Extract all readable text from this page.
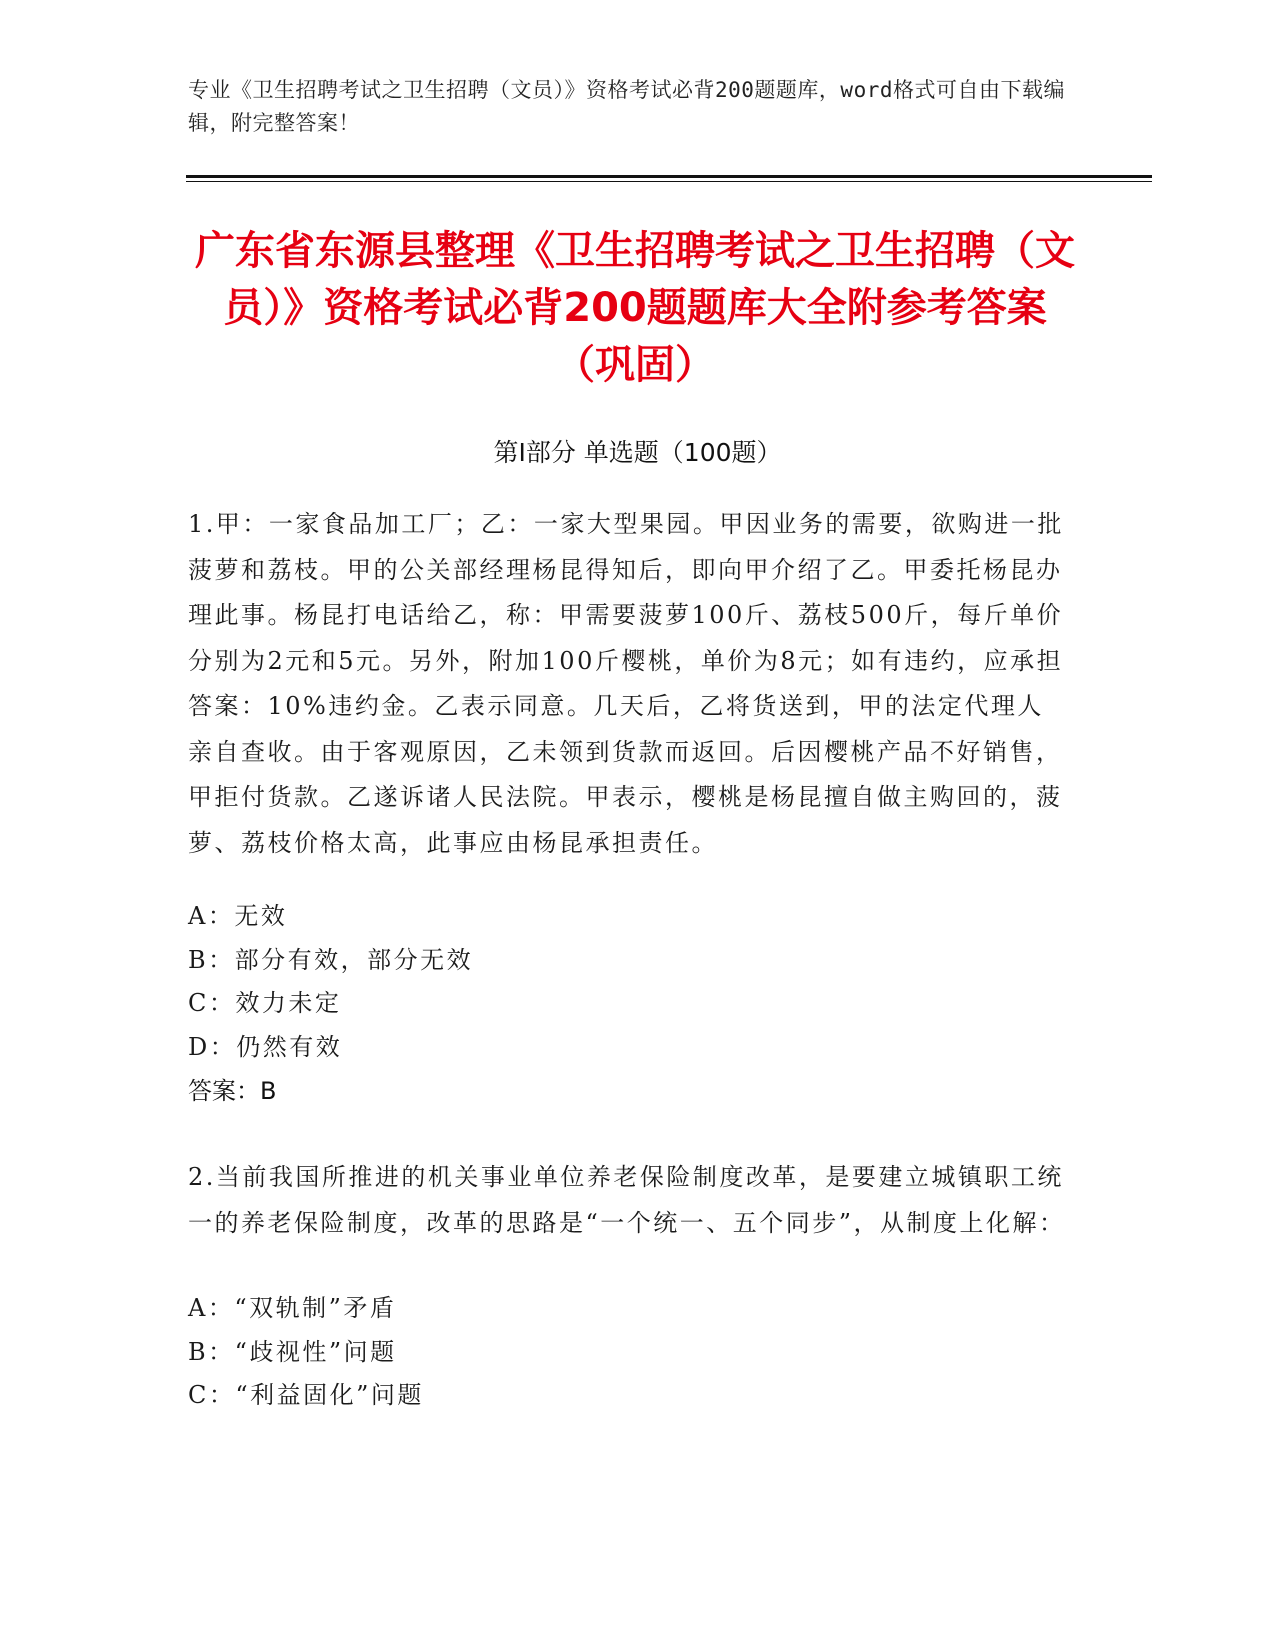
专业《卫生招聘考试之卫生招聘（文员）》资格考试必背200题题库，word格式可自由下载编辑，附完整答案！
广东省东源县整理《卫生招聘考试之卫生招聘（文员）》资格考试必背200题题库大全附参考答案（巩固）
第I部分 单选题（100题）

1.甲：一家食品加工厂；乙：一家大型果园。甲因业务的需要，欲购进一批菠萝和荔枝。甲的公关部经理杨昆得知后，即向甲介绍了乙。甲委托杨昆办理此事。杨昆打电话给乙，称：甲需要菠萝100斤、荔枝500斤，每斤单价分别为2元和5元。另外，附加100斤樱桃，单价为8元；如有违约，应承担答案：10%违约金。乙表示同意。几天后，乙将货送到，甲的法定代理人亲自查收。由于客观原因，乙未领到货款而返回。后因樱桃产品不好销售，甲拒付货款。乙遂诉诸人民法院。甲表示，樱桃是杨昆擅自做主购回的，菠萝、荔枝价格太高，此事应由杨昆承担责任。

A：无效

B：部分有效，部分无效

C：效力未定

D：仍然有效

答案：B

2.当前我国所推进的机关事业单位养老保险制度改革，是要建立城镇职工统一的养老保险制度，改革的思路是“一个统一、五个同步”，从制度上化解：

A：“双轨制”矛盾

B：“歧视性”问题

C：“利益固化”问题
